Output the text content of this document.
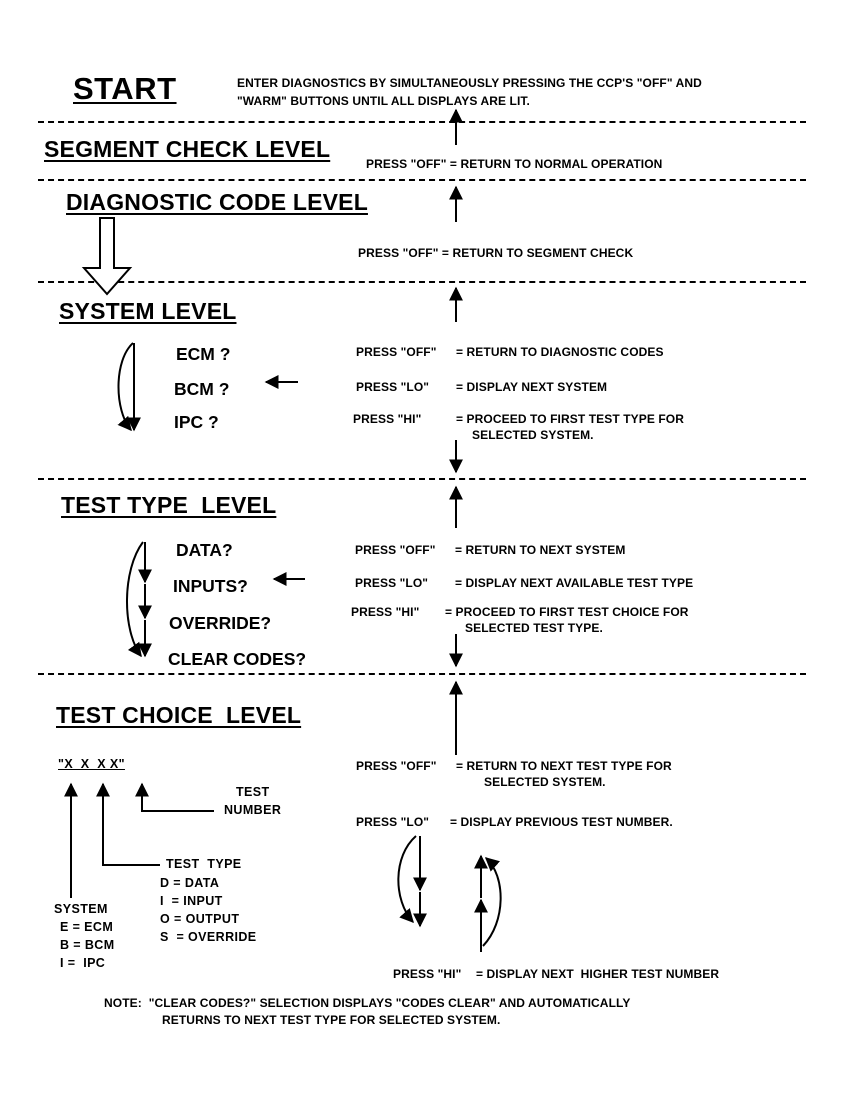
START	ENTER DIAGNOSTICS BY SIMULTANEOUSLY PRESSING THE CCP'S "OFF" AND
"WARM" BUTTONS UNTIL ALL DISPLAYS ARE LIT.
SEGMENT CHECK LEVEL
PRESS "OFF" = RETURN TO NORMAL OPERATION
DIAGNOSTIC CODE LEVEL
PRESS "OFF" = RETURN TO SEGMENT CHECK
SYSTEM LEVEL
ECM ?
BCM ?
IPC ?
PRESS "OFF" = RETURN TO DIAGNOSTIC CODES
PRESS "LO" = DISPLAY NEXT SYSTEM
PRESS "HI"	= PROCEED TO FIRST TEST TYPE FOR
SELECTED SYSTEM.
TEST TYPE  LEVEL
DATA?
INPUTS?
OVERRIDE?
CLEAR CODES?
PRESS "OFF" = RETURN TO NEXT SYSTEM
PRESS "LO" = DISPLAY NEXT AVAILABLE TEST TYPE
PRESS "HI" = PROCEED TO FIRST TEST CHOICE FOR
SELECTED TEST TYPE.
TEST CHOICE  LEVEL
"X  X  X X"
TEST
NUMBER
TEST  TYPE
D = DATA
I  = INPUT
O = OUTPUT
S  = OVERRIDE
SYSTEM
E = ECM
B = BCM
I =  IPC
PRESS "OFF" = RETURN TO NEXT TEST TYPE FOR
SELECTED SYSTEM.
PRESS "LO" = DISPLAY PREVIOUS TEST NUMBER.
PRESS "HI" = DISPLAY NEXT  HIGHER TEST NUMBER
NOTE:  "CLEAR CODES?" SELECTION DISPLAYS "CODES CLEAR" AND AUTOMATICALLY
RETURNS TO NEXT TEST TYPE FOR SELECTED SYSTEM.
